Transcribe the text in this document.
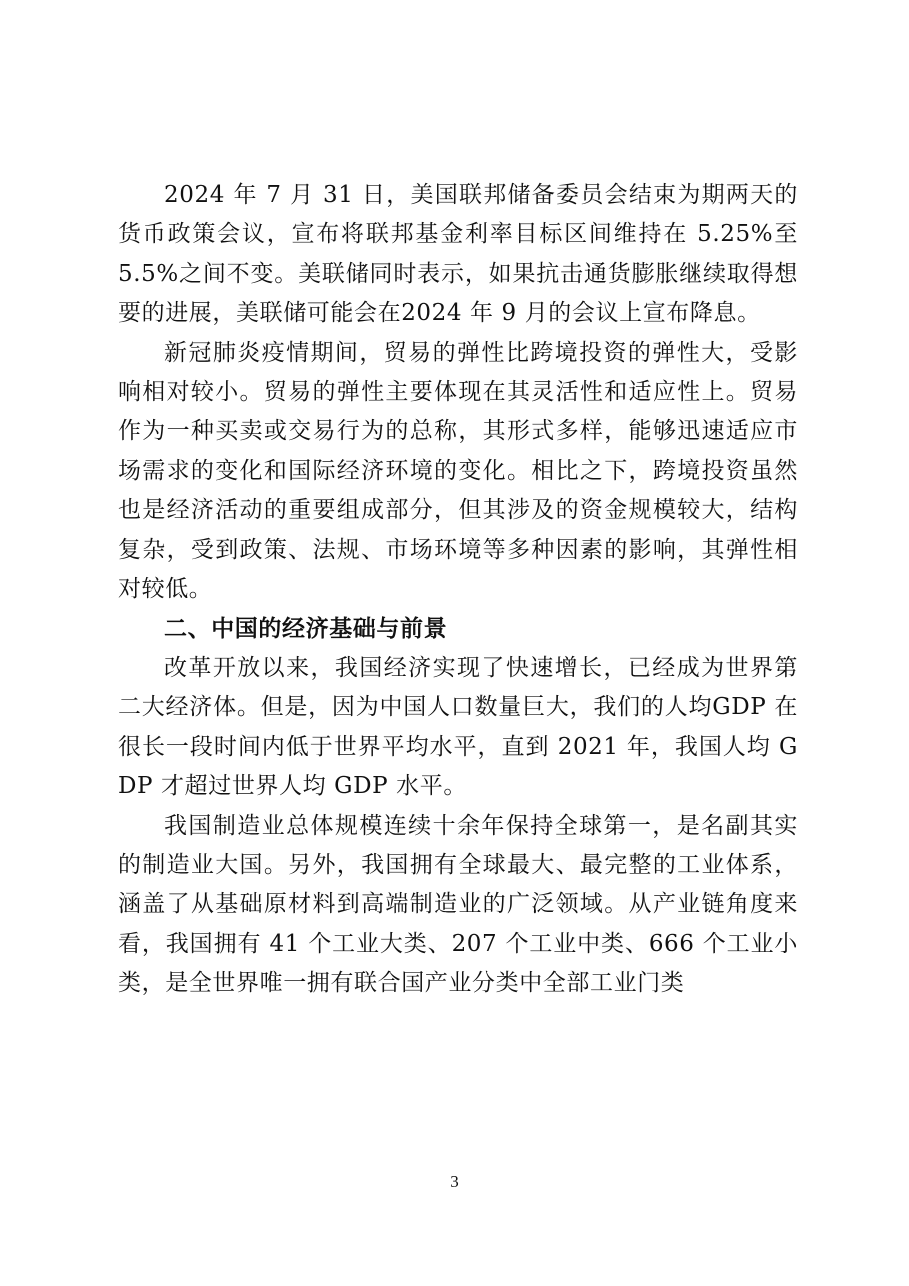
2024 年 7 月 31 日，美国联邦储备委员会结束为期两天的货币政策会议，宣布将联邦基金利率目标区间维持在 5.25%至 5.5%之间不变。美联储同时表示，如果抗击通货膨胀继续取得想要的进展，美联储可能会在2024 年 9 月的会议上宣布降息。

新冠肺炎疫情期间，贸易的弹性比跨境投资的弹性大，受影响相对较小。贸易的弹性主要体现在其灵活性和适应性上。贸易作为一种买卖或交易行为的总称，其形式多样，能够迅速适应市场需求的变化和国际经济环境的变化。相比之下，跨境投资虽然也是经济活动的重要组成部分，但其涉及的资金规模较大，结构复杂，受到政策、法规、市场环境等多种因素的影响，其弹性相对较低。

二、中国的经济基础与前景

改革开放以来，我国经济实现了快速增长，已经成为世界第二大经济体。但是，因为中国人口数量巨大，我们的人均GDP 在很长一段时间内低于世界平均水平，直到 2021 年，我国人均 GDP 才超过世界人均 GDP 水平。

我国制造业总体规模连续十余年保持全球第一，是名副其实的制造业大国。另外，我国拥有全球最大、最完整的工业体系，涵盖了从基础原材料到高端制造业的广泛领域。从产业链角度来看，我国拥有 41 个工业大类、207 个工业中类、666 个工业小类，是全世界唯一拥有联合国产业分类中全部工业门类

3
